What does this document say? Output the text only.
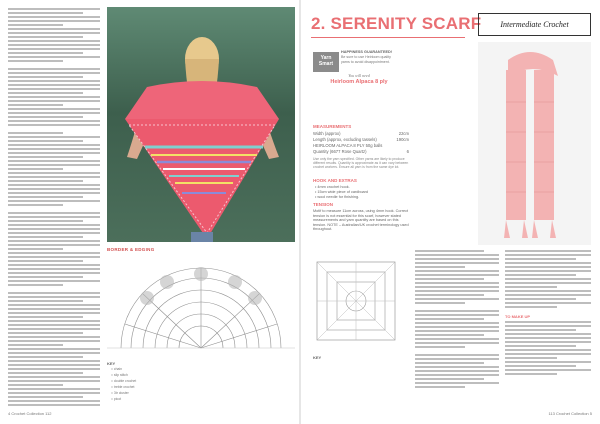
BORDER & EDGING
KEY
= chain
= slip stitch
= double crochet
= treble crochet
= 3tr cluster
= picot
4 Crochet Collection 112
2. SERENITY SCARF	Intermediate Crochet
Yarn
Smart
HAPPINESS GUARANTEED!
Be sure to use Heirloom quality yarns to avoid disappointment.
You will need
Heirloom Alpaca 8 ply
MEASUREMENTS
Width (approx)	22cm
Length (approx, excluding tassels)	190cm
HEIRLOOM ALPACA 8 PLY 50g balls
Quantity (6677 Rose Quartz)	6
Use only the yarn specified. Other yarns are likely to produce different results. Quantity is approximate as it can vary between crochet workers. Ensure all yarn is from the same dye lot.
HOOK AND EXTRAS
• 4mm crochet hook.
• 15cm wide piece of cardboard
• wool needle for finishing.
TENSION
Motif to measure 11cm across, using 4mm hook. Correct tension is not essential for this scarf, however stated measurements and yarn quantity are based on this tension. NOTE – Australian/UK crochet terminology used throughout.
KEY
TO MAKE UP
113 Crochet Collection 5
